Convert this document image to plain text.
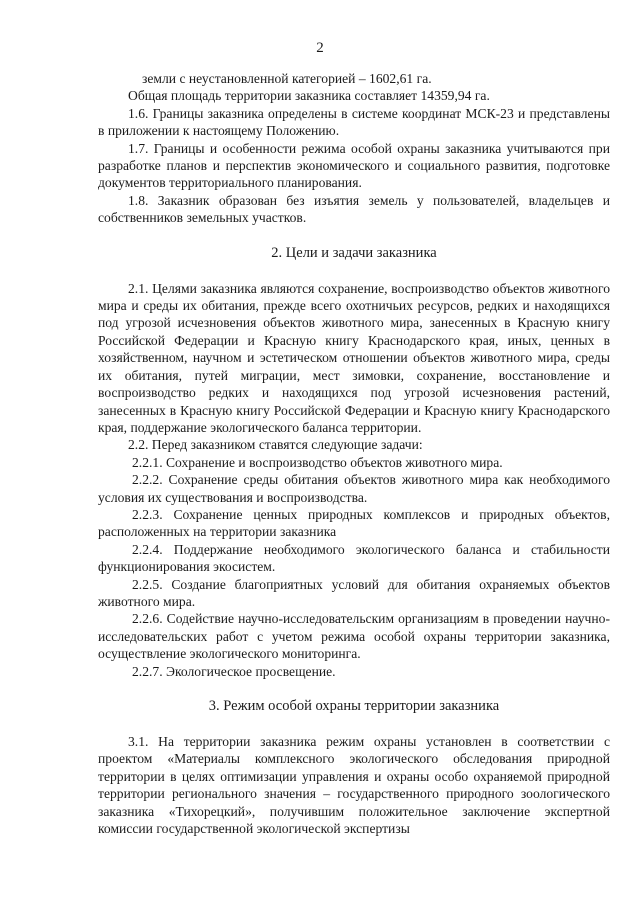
2

земли с неустановленной категорией – 1602,61 га.

Общая площадь территории заказника составляет 14359,94 га.

1.6. Границы заказника определены в системе координат МСК-23 и представлены в приложении к настоящему Положению.

1.7. Границы и особенности режима особой охраны заказника учитываются при разработке планов и перспектив экономического и социального развития, подготовке документов территориального планирования.

1.8. Заказник образован без изъятия земель у пользователей, владельцев и собственников земельных участков.

2. Цели и задачи заказника

2.1. Целями заказника являются сохранение, воспроизводство объектов животного мира и среды их обитания, прежде всего охотничьих ресурсов, редких и находящихся под угрозой исчезновения объектов животного мира, занесенных в Красную книгу Российской Федерации и Красную книгу Краснодарского края, иных, ценных в хозяйственном, научном и эстетическом отношении объектов животного мира, среды их обитания, путей миграции, мест зимовки, сохранение, восстановление и воспроизводство редких и находящихся под угрозой исчезновения растений, занесенных в Красную книгу Российской Федерации и Красную книгу Краснодарского края, поддержание экологического баланса территории.

2.2. Перед заказником ставятся следующие задачи:

2.2.1. Сохранение и воспроизводство объектов животного мира.

2.2.2. Сохранение среды обитания объектов животного мира как необходимого условия их существования и воспроизводства.

2.2.3. Сохранение ценных природных комплексов и природных объектов, расположенных на территории заказника

2.2.4. Поддержание необходимого экологического баланса и стабильности функционирования экосистем.

2.2.5. Создание благоприятных условий для обитания охраняемых объектов животного мира.

2.2.6. Содействие научно-исследовательским организациям в проведении научно-исследовательских работ с учетом режима особой охраны территории заказника, осуществление экологического мониторинга.

2.2.7. Экологическое просвещение.

3. Режим особой охраны территории заказника

3.1. На территории заказника режим охраны установлен в соответствии с проектом «Материалы комплексного экологического обследования природной территории в целях оптимизации управления и охраны особо охраняемой природной территории регионального значения – государственного природного зоологического заказника «Тихорецкий», получившим положительное заключение экспертной комиссии государственной экологической экспертизы
